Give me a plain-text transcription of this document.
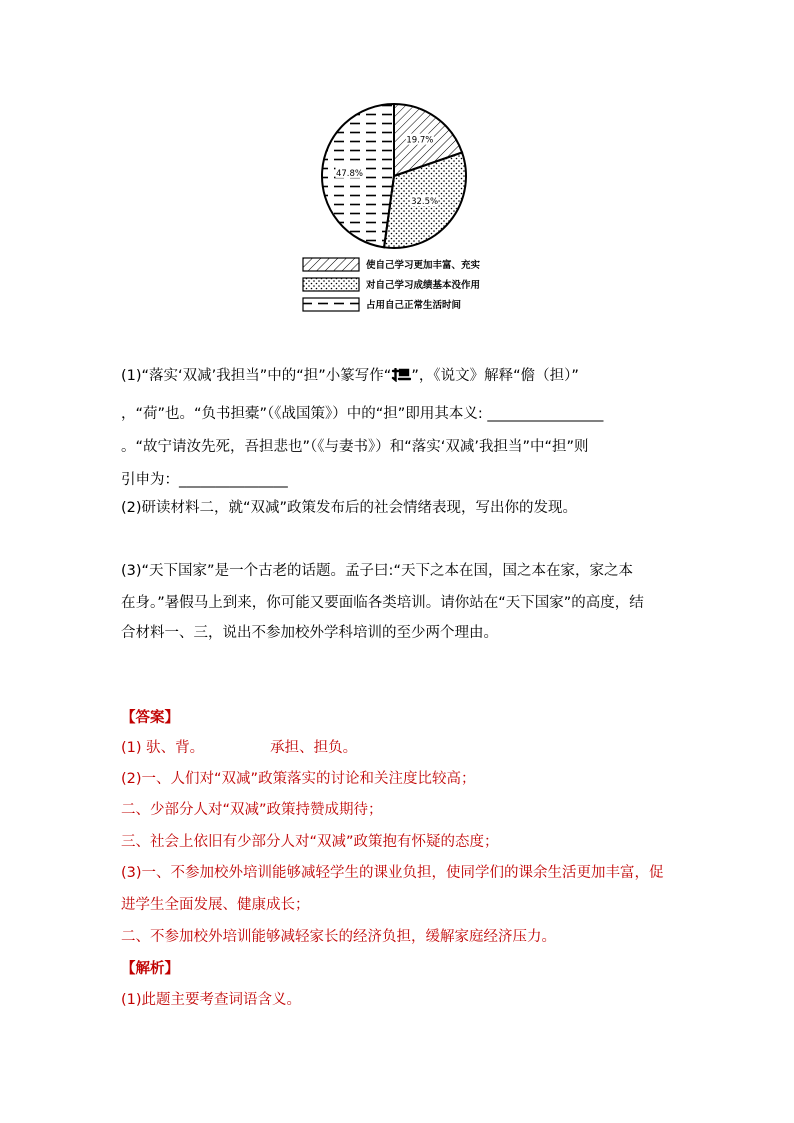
19.7%
32.5%
47.8%
使自己学习更加丰富、充实
对自己学习成绩基本没作用
占用自己正常生活时间
(1)“落实‘双减’我担当”中的“担”小篆写作“ ”，《说文》解释“儋（担）”
，“荷”也。“负书担橐”（《战国策》）中的“担”即用其本义: ________________
。“故宁请汝先死，吾担悲也”（《与妻书》）和“落实‘双减’我担当”中“担”则
引申为：_______________
(2)研读材料二，就“双减”政策发布后的社会情绪表现，写出你的发现。
(3)“天下国家”是一个古老的话题。孟子曰:“天下之本在国，国之本在家，家之本
在身。”暑假马上到来，你可能又要面临各类培训。请你站在“天下国家”的高度，结
合材料一、三，说出不参加校外学科培训的至少两个理由。
【答案】
(1) 驮、背。	承担、担负。
(2)一、人们对“双减”政策落实的讨论和关注度比较高；
二、少部分人对“双减”政策持赞成期待；
三、社会上依旧有少部分人对“双减”政策抱有怀疑的态度；
(3)一、不参加校外培训能够减轻学生的课业负担，使同学们的课余生活更加丰富，促
进学生全面发展、健康成长；
二、不参加校外培训能够减轻家长的经济负担，缓解家庭经济压力。
【解析】
(1)此题主要考查词语含义。
